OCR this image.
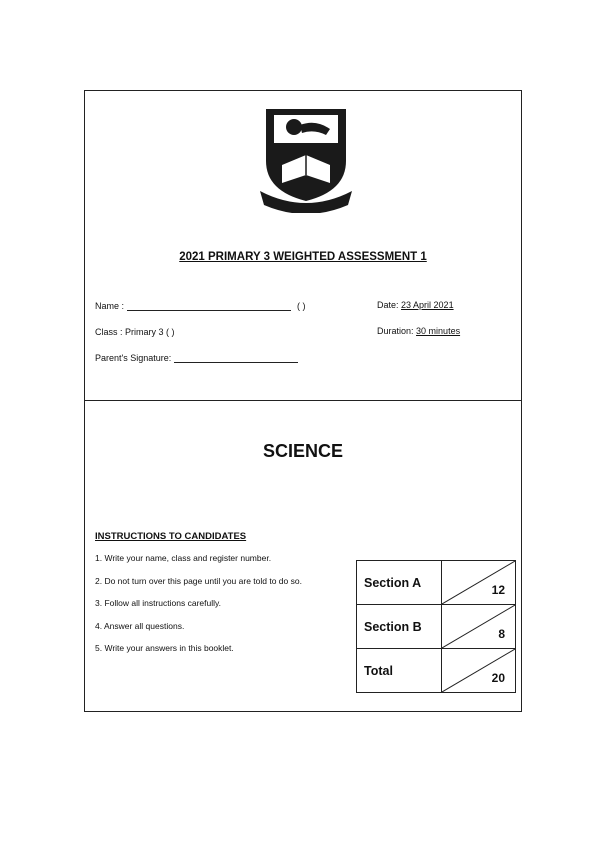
2021 PRIMARY 3 WEIGHTED ASSESSMENT 1
Name :	( )
Class : Primary 3 ( )
Parent's Signature:
Date: 23 April 2021
Duration: 30 minutes
SCIENCE
INSTRUCTIONS TO CANDIDATES
1. Write your name, class and register number.
2. Do not turn over this page until you are told to do so.
3. Follow all instructions carefully.
4. Answer all questions.
5. Write your answers in this booklet.
Section A	12

Section B	8

Total	20
